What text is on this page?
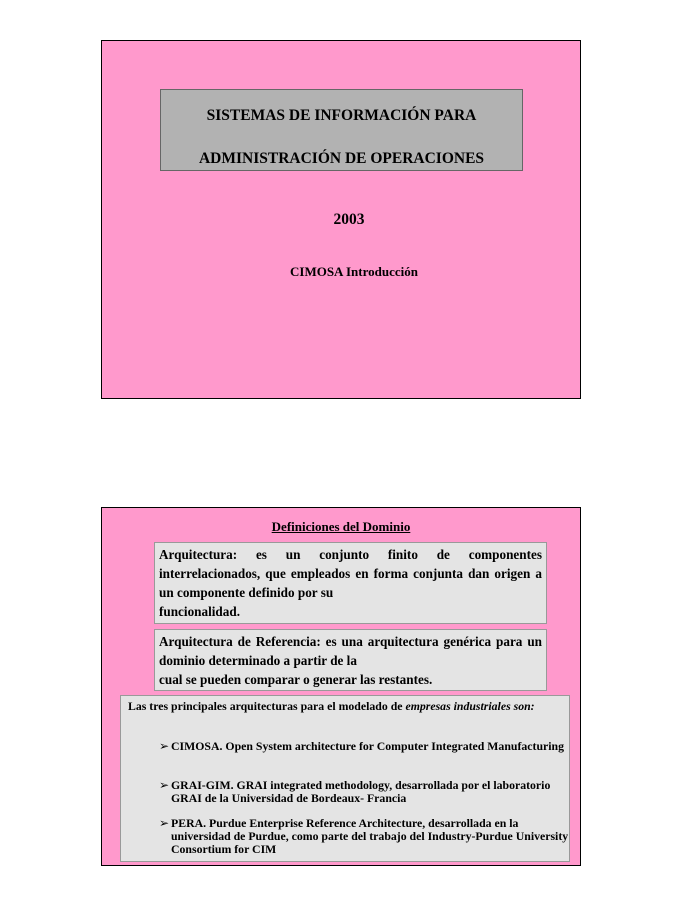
SISTEMAS DE INFORMACIÓN PARA
ADMINISTRACIÓN DE OPERACIONES
2003
CIMOSA Introducción
Definiciones del Dominio
Arquitectura: es un conjunto finito de componentes interrelacionados, que empleados en forma conjunta dan origen a un componente definido por su
funcionalidad.
Arquitectura de Referencia: es una arquitectura genérica para un dominio determinado a partir de la
cual se pueden comparar o generar las restantes.
Las tres principales arquitecturas para el modelado de empresas industriales son:
➢ CIMOSA. Open System architecture for Computer Integrated Manufacturing
➢ GRAI-GIM. GRAI integrated methodology, desarrollada por el laboratorio GRAI de la Universidad de Bordeaux- Francia
➢ PERA. Purdue Enterprise Reference Architecture, desarrollada en la universidad de Purdue, como parte del trabajo del Industry-Purdue University Consortium for CIM
